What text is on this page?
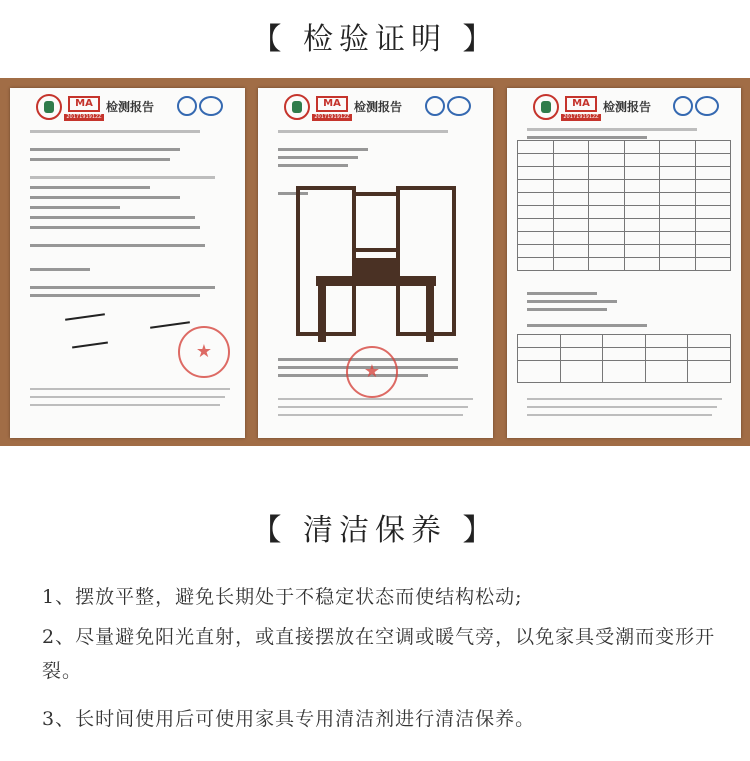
【 检验证明 】
MA
2017191912Z
检测报告
★	MA
2017191912Z
检测报告
★	MA
2017191912Z
检测报告

【 清洁保养 】
1、摆放平整，避免长期处于不稳定状态而使结构松动;
2、尽量避免阳光直射，或直接摆放在空调或暖气旁，以免家具受潮而变形开裂。
3、长时间使用后可使用家具专用清洁剂进行清洁保养。
